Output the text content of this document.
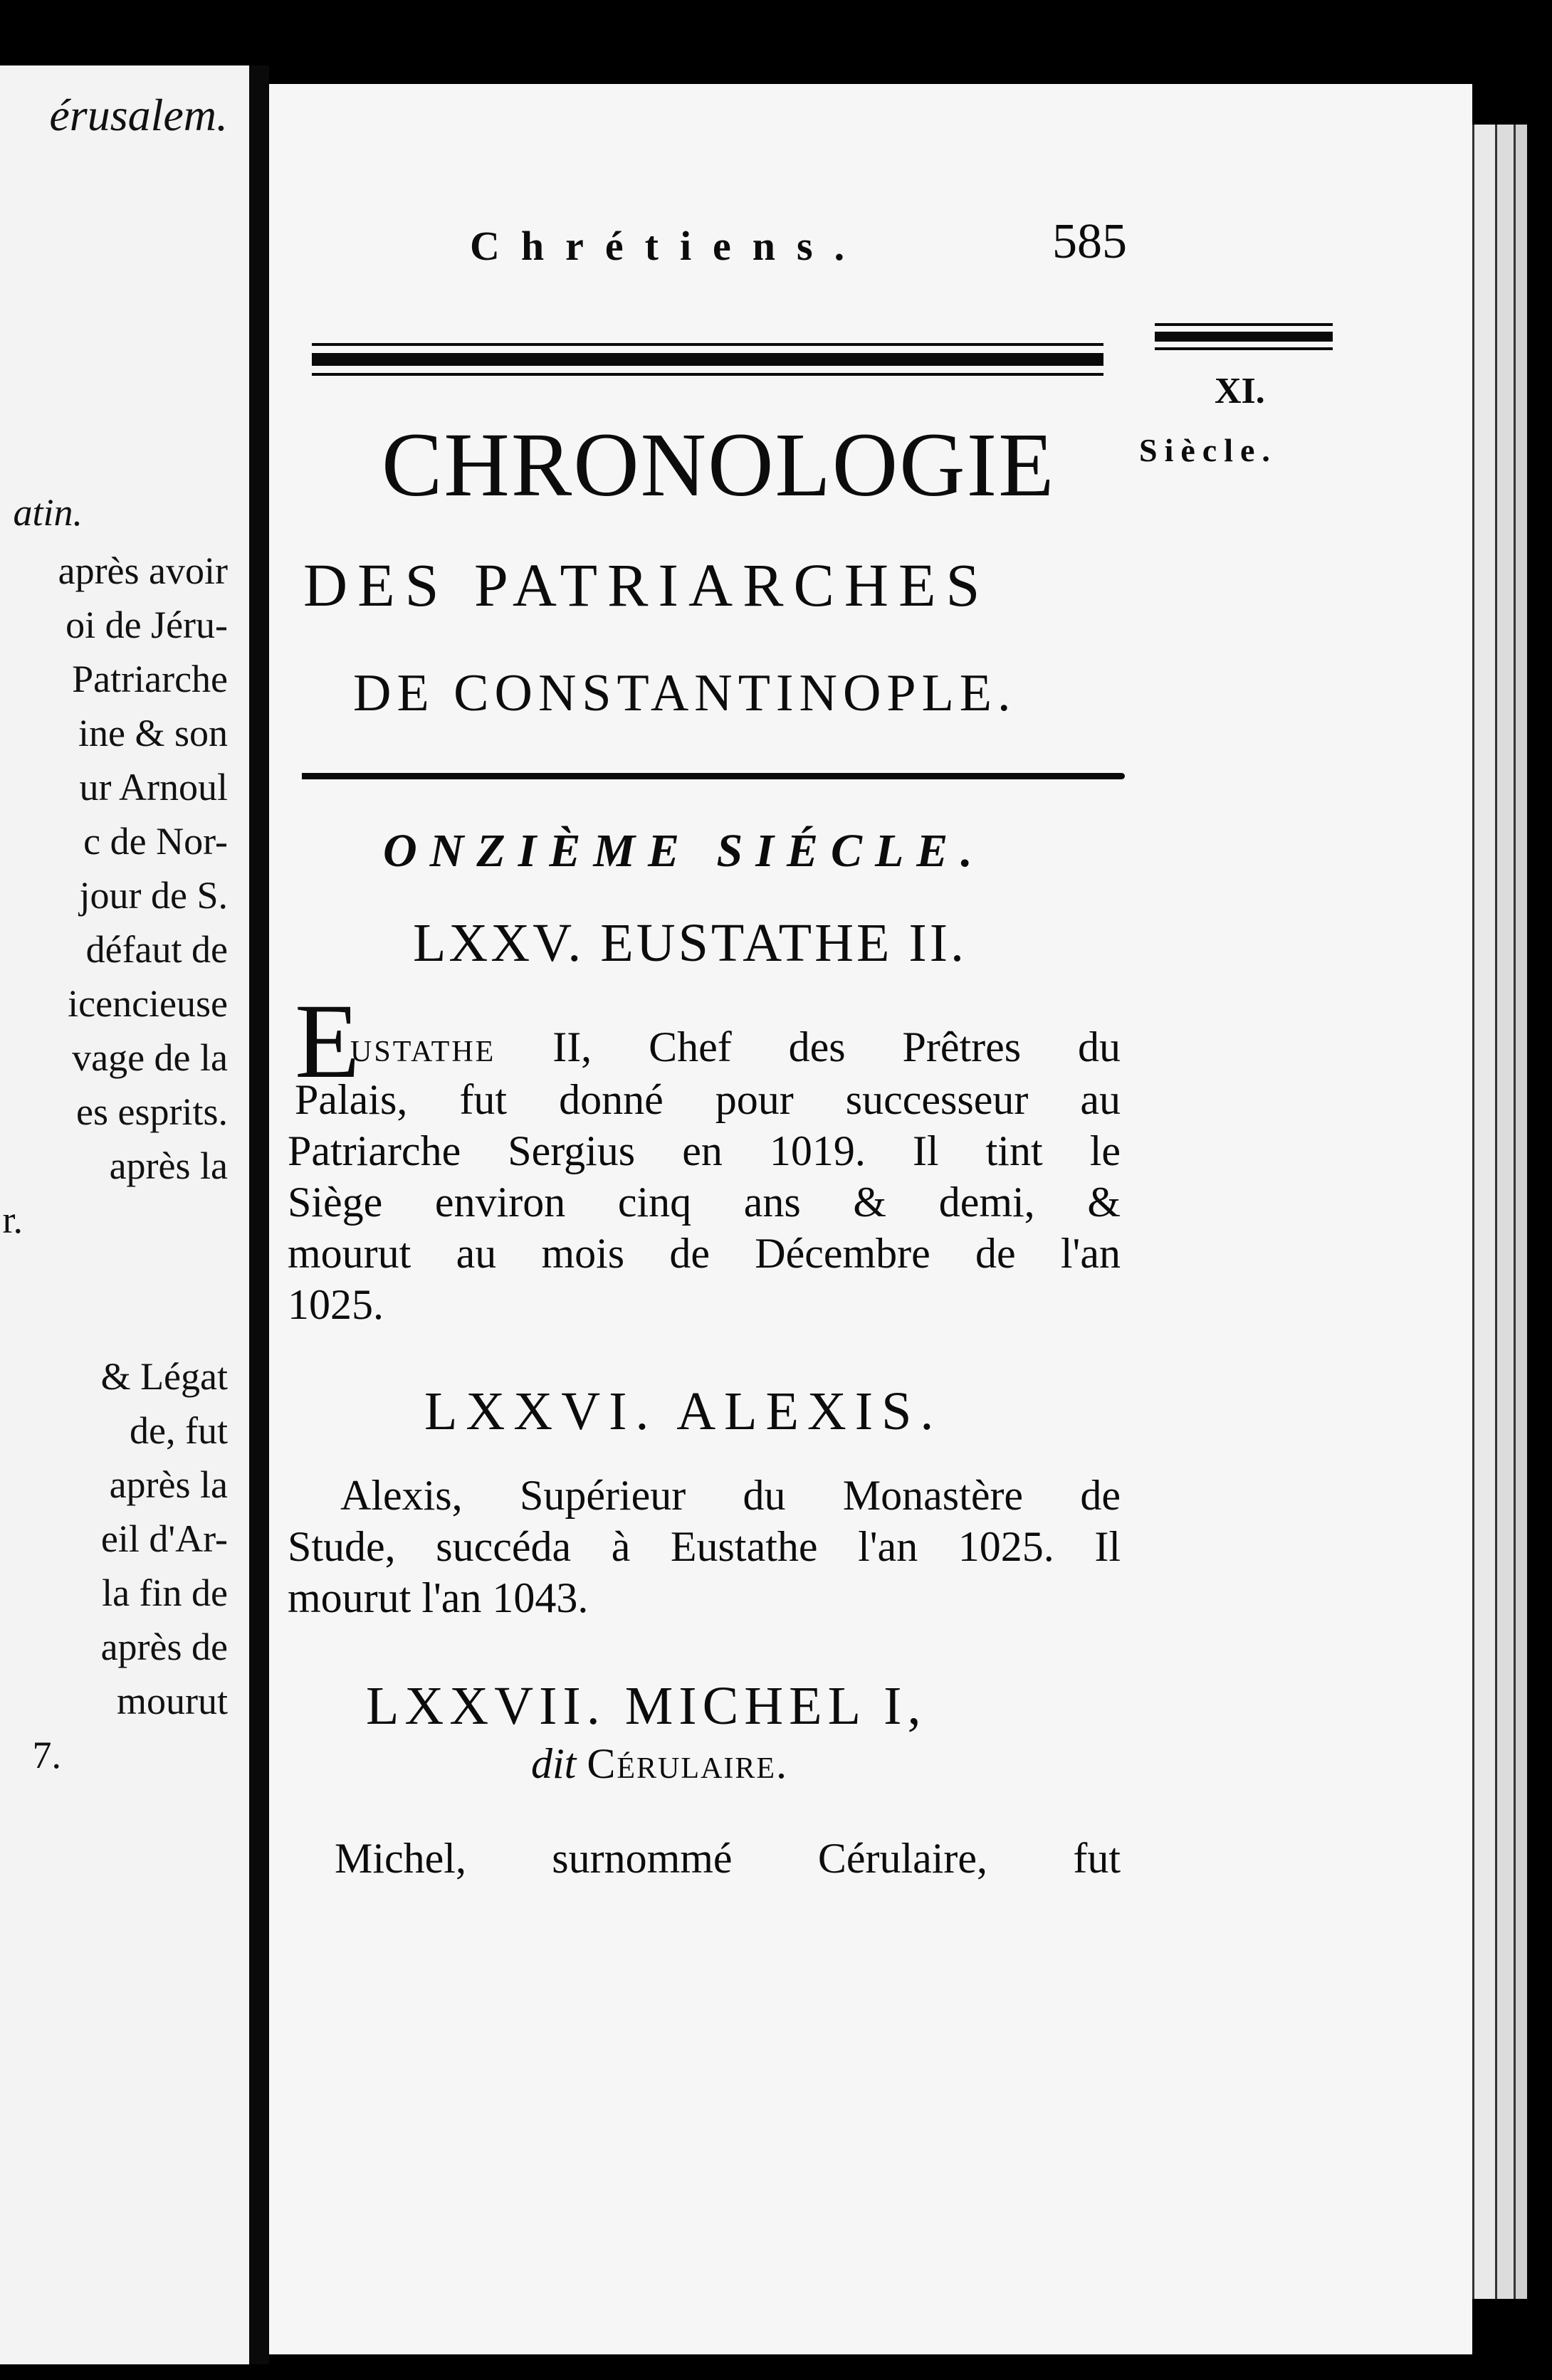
érusalem.
atin.
après avoir
oi de Jéru-
Patriarche
ine & son
ur Arnoul
c de Nor-
jour de S.
défaut de
icencieuse
vage de la
es esprits.
après la
r.
& Légat
de, fut
après la
eil d'Ar-
la fin de
après de
mourut
7.
Chrétiens.	585
XI.
Siècle.
CHRONOLOGIE
DES PATRIARCHES
DE CONSTANTINOPLE.
ONZIÈME SIÉCLE.
LXXV. EUSTATHE II.
E
ustathe II, Chef des Prêtres du
Palais, fut donné pour successeur au
Patriarche Sergius en 1019. Il tint le
Siège environ cinq ans & demi, &
mourut au mois de Décembre de l'an
1025.
LXXVI. ALEXIS.
Alexis, Supérieur du Monastère de
Stude, succéda à Eustathe l'an 1025. Il
mourut l'an 1043.
LXXVII. MICHEL I,
dit Cérulaire.
Michel, surnommé Cérulaire, fut
